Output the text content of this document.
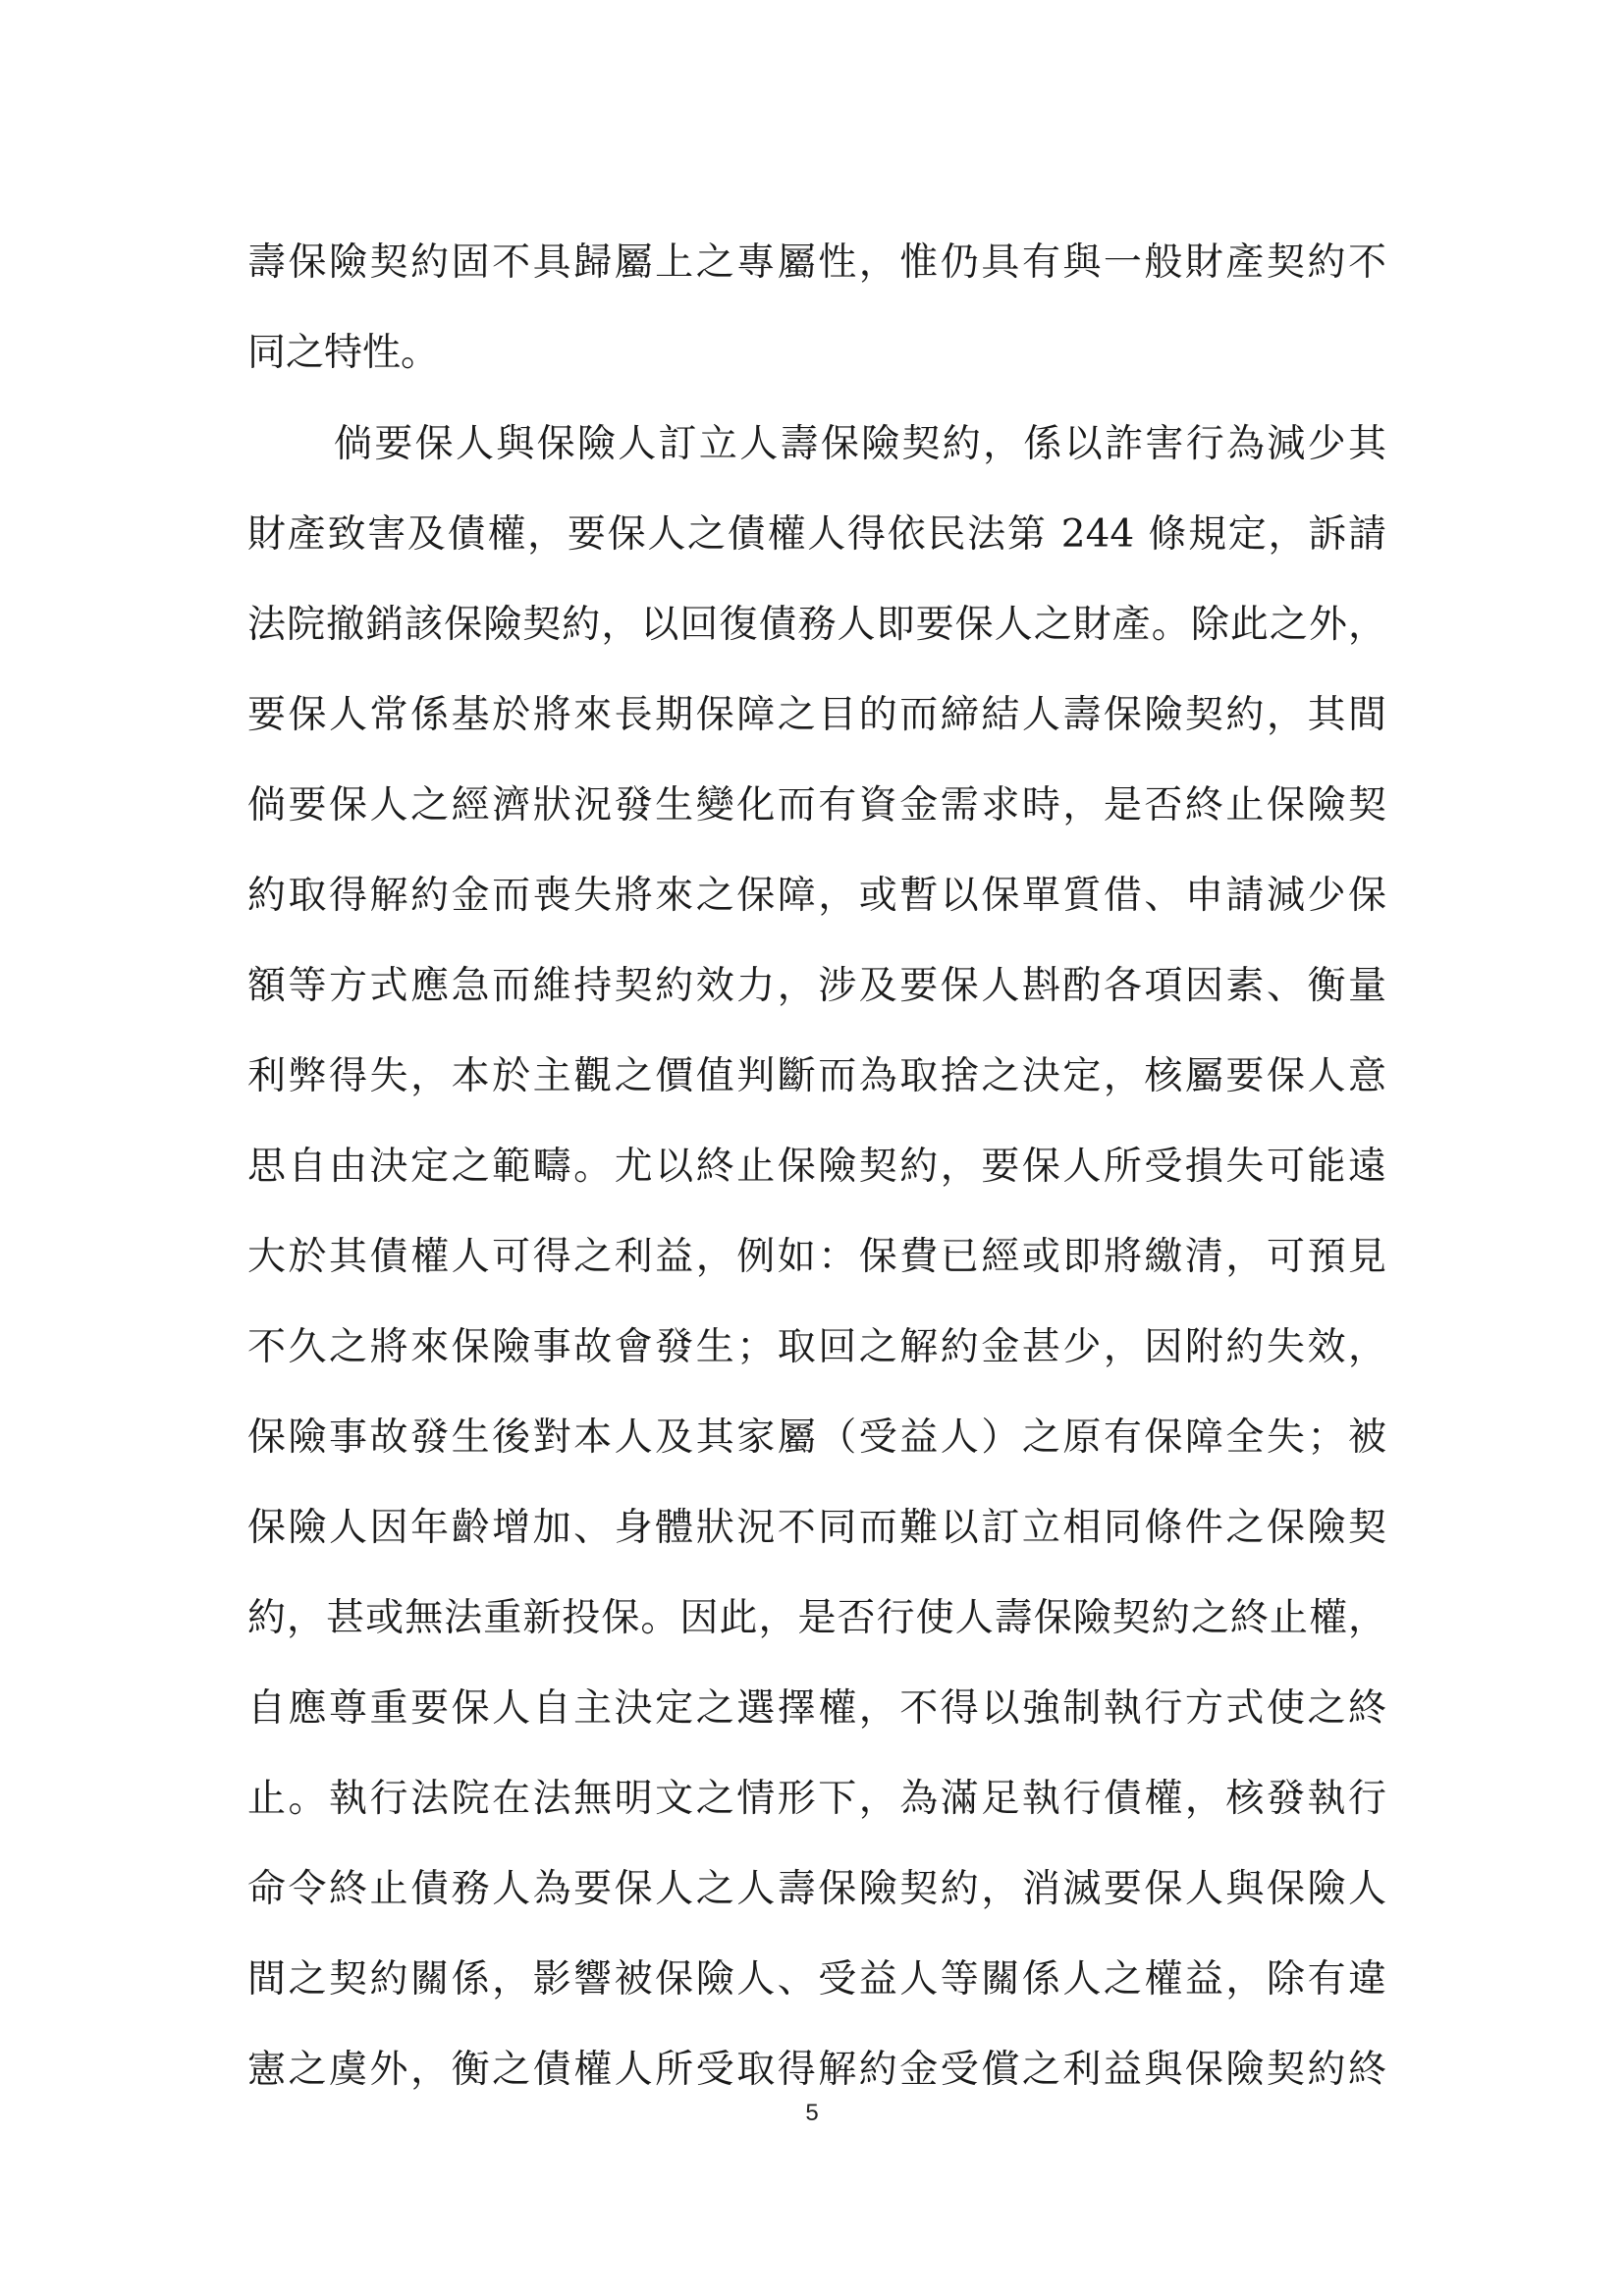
壽保險契約固不具歸屬上之專屬性，惟仍具有與一般財產契約不
同之特性。
倘要保人與保險人訂立人壽保險契約，係以詐害行為減少其
財產致害及債權，要保人之債權人得依民法第 244 條規定，訴請
法院撤銷該保險契約，以回復債務人即要保人之財產。除此之外，
要保人常係基於將來長期保障之目的而締結人壽保險契約，其間
倘要保人之經濟狀況發生變化而有資金需求時，是否終止保險契
約取得解約金而喪失將來之保障，或暫以保單質借、申請減少保
額等方式應急而維持契約效力，涉及要保人斟酌各項因素、衡量
利弊得失，本於主觀之價值判斷而為取捨之決定，核屬要保人意
思自由決定之範疇。尤以終止保險契約，要保人所受損失可能遠
大於其債權人可得之利益，例如：保費已經或即將繳清，可預見
不久之將來保險事故會發生；取回之解約金甚少，因附約失效，
保險事故發生後對本人及其家屬（受益人）之原有保障全失；被
保險人因年齡增加、身體狀況不同而難以訂立相同條件之保險契
約，甚或無法重新投保。因此，是否行使人壽保險契約之終止權，
自應尊重要保人自主決定之選擇權，不得以強制執行方式使之終
止。執行法院在法無明文之情形下，為滿足執行債權，核發執行
命令終止債務人為要保人之人壽保險契約，消滅要保人與保險人
間之契約關係，影響被保險人、受益人等關係人之權益，除有違
憲之虞外，衡之債權人所受取得解約金受償之利益與保險契約終
5
